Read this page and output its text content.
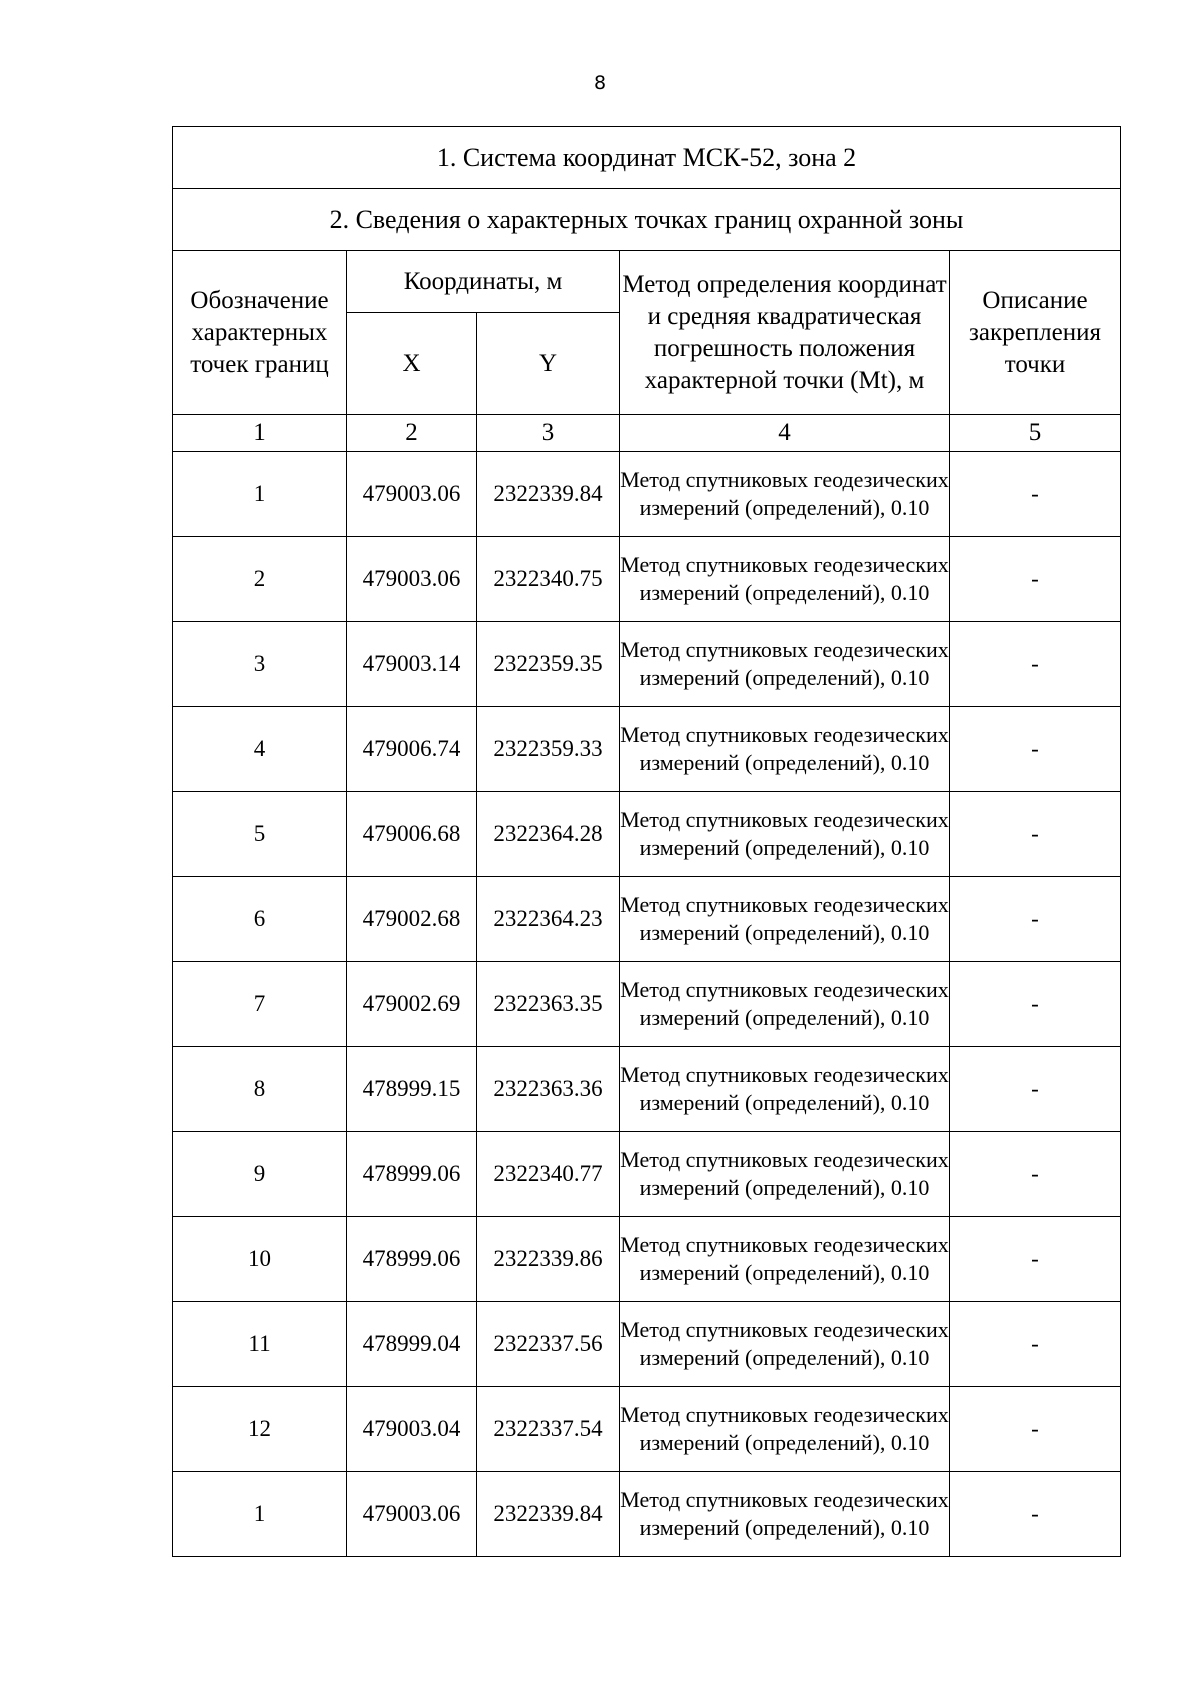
8
1. Система координат МСК-52, зона 2				
2. Сведения о характерных точках границ охранной зоны				
Обозначение характерных точек границ	Координаты, м		Метод определения координат и средняя квадратическая погрешность положения характерной точки (Mt), м	Описание закрепления точки
	X	Y		
1	2	3	4	5
1	479003.06	2322339.84	Метод спутниковых геодезических измерений (определений), 0.10	-
2	479003.06	2322340.75	Метод спутниковых геодезических измерений (определений), 0.10	-
3	479003.14	2322359.35	Метод спутниковых геодезических измерений (определений), 0.10	-
4	479006.74	2322359.33	Метод спутниковых геодезических измерений (определений), 0.10	-
5	479006.68	2322364.28	Метод спутниковых геодезических измерений (определений), 0.10	-
6	479002.68	2322364.23	Метод спутниковых геодезических измерений (определений), 0.10	-
7	479002.69	2322363.35	Метод спутниковых геодезических измерений (определений), 0.10	-
8	478999.15	2322363.36	Метод спутниковых геодезических измерений (определений), 0.10	-
9	478999.06	2322340.77	Метод спутниковых геодезических измерений (определений), 0.10	-
10	478999.06	2322339.86	Метод спутниковых геодезических измерений (определений), 0.10	-
11	478999.04	2322337.56	Метод спутниковых геодезических измерений (определений), 0.10	-
12	479003.04	2322337.54	Метод спутниковых геодезических измерений (определений), 0.10	-
1	479003.06	2322339.84	Метод спутниковых геодезических измерений (определений), 0.10	-
